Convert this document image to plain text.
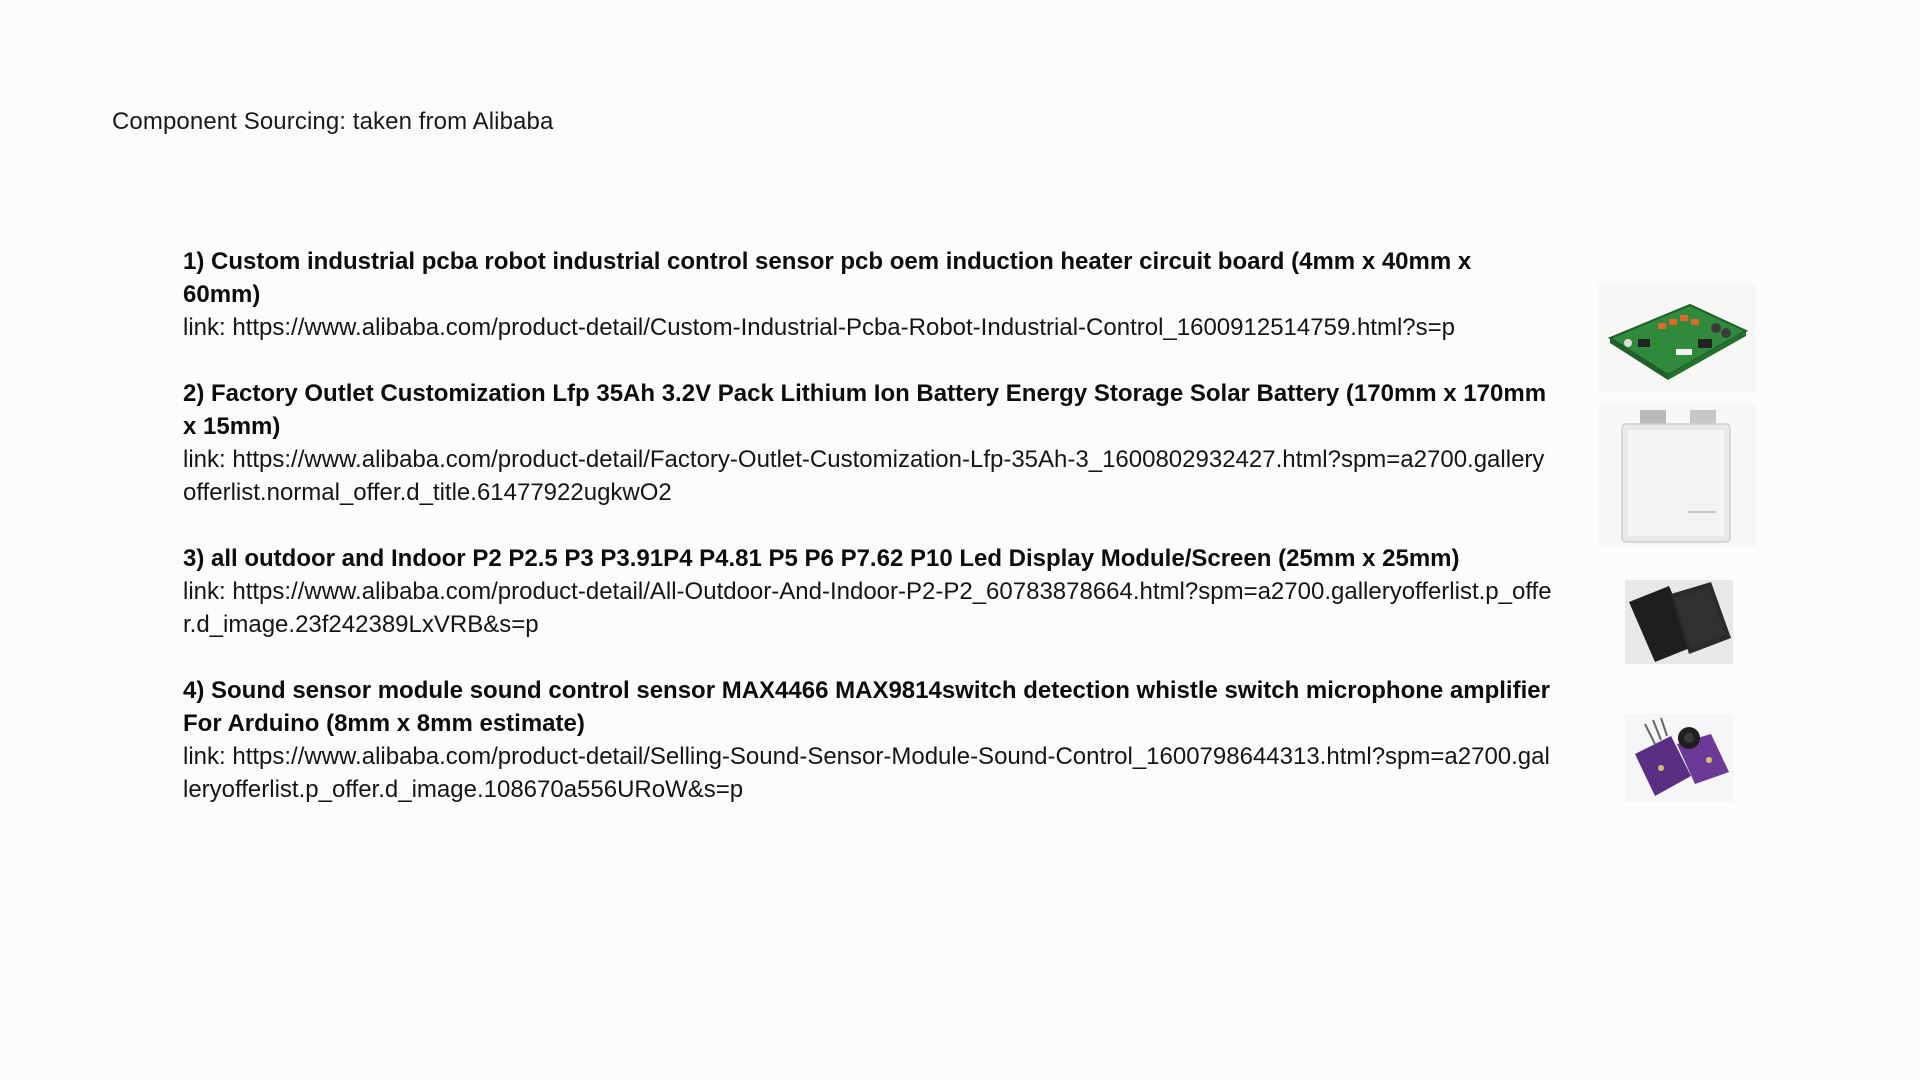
Component Sourcing: taken from Alibaba
1) Custom industrial pcba robot industrial control sensor pcb oem induction heater circuit board (4mm x 40mm x 60mm)
link: https://www.alibaba.com/product-detail/Custom-Industrial-Pcba-Robot-Industrial-Control_1600912514759.html?s=p
2) Factory Outlet Customization Lfp 35Ah 3.2V Pack Lithium Ion Battery Energy Storage Solar Battery (170mm x 170mm x 15mm)
link: https://www.alibaba.com/product-detail/Factory-Outlet-Customization-Lfp-35Ah-3_1600802932427.html?spm=a2700.galleryofferlist.normal_offer.d_title.61477922ugkwO2
3) all outdoor and Indoor P2 P2.5 P3 P3.91P4 P4.81 P5 P6 P7.62 P10 Led Display Module/Screen (25mm x 25mm)
link: https://www.alibaba.com/product-detail/All-Outdoor-And-Indoor-P2-P2_60783878664.html?spm=a2700.galleryofferlist.p_offer.d_image.23f242389LxVRB&s=p
4) Sound sensor module sound control sensor MAX4466 MAX9814switch detection whistle switch microphone amplifier For Arduino (8mm x 8mm estimate)
link: https://www.alibaba.com/product-detail/Selling-Sound-Sensor-Module-Sound-Control_1600798644313.html?spm=a2700.galleryofferlist.p_offer.d_image.108670a556URoW&s=p
